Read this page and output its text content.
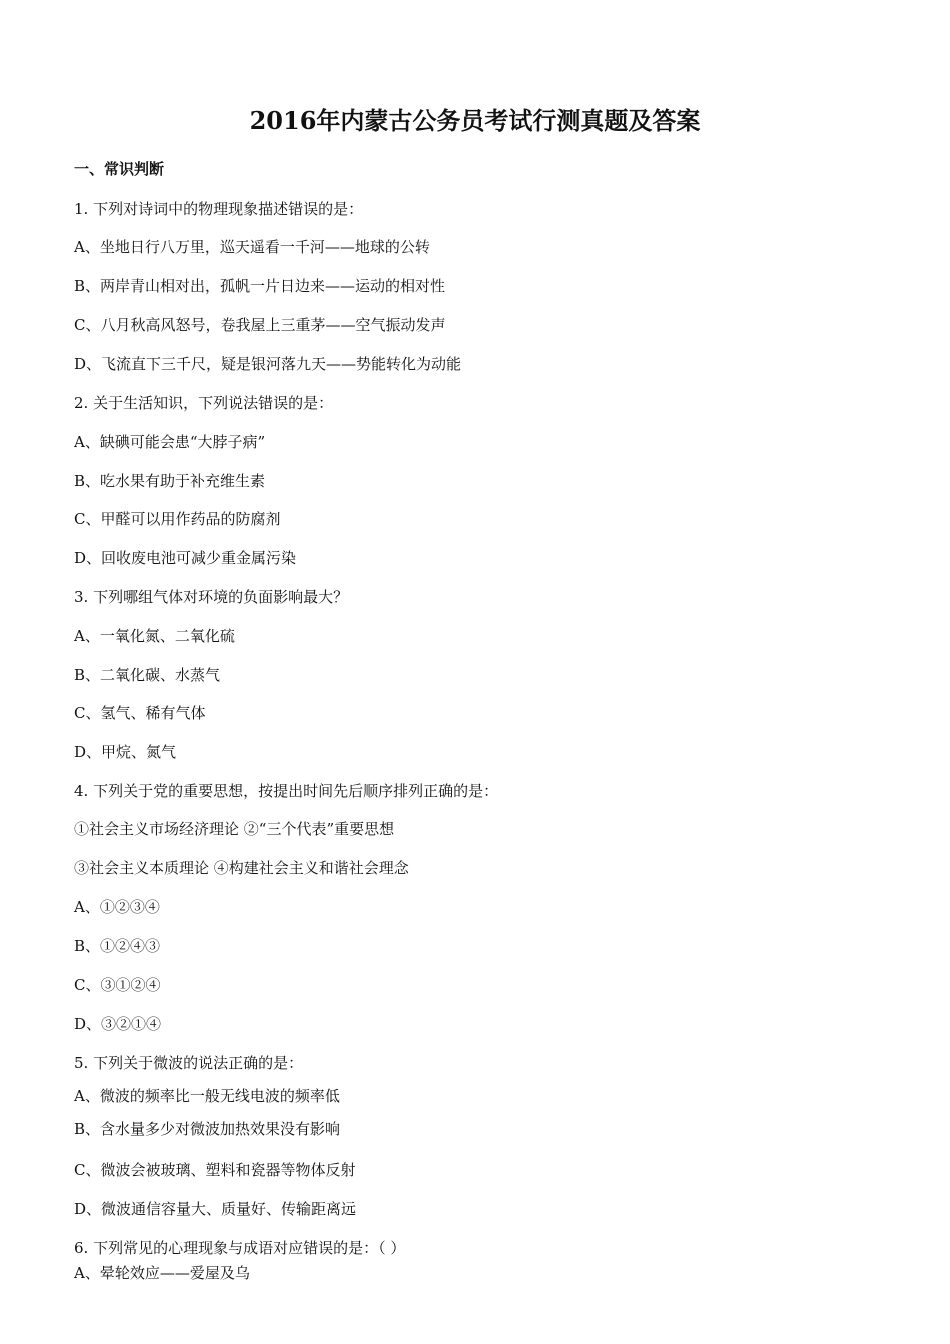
2016年内蒙古公务员考试行测真题及答案
一、常识判断
1. 下列对诗词中的物理现象描述错误的是：
A、坐地日行八万里，巡天遥看一千河——地球的公转
B、两岸青山相对出，孤帆一片日边来——运动的相对性
C、八月秋高风怒号，卷我屋上三重茅——空气振动发声
D、飞流直下三千尺，疑是银河落九天——势能转化为动能
2. 关于生活知识，下列说法错误的是：
A、缺碘可能会患“大脖子病”
B、吃水果有助于补充维生素
C、甲醛可以用作药品的防腐剂
D、回收废电池可减少重金属污染
3. 下列哪组气体对环境的负面影响最大？
A、一氧化氮、二氧化硫
B、二氧化碳、水蒸气
C、氢气、稀有气体
D、甲烷、氮气
4. 下列关于党的重要思想，按提出时间先后顺序排列正确的是：
①社会主义市场经济理论 ②“三个代表”重要思想
③社会主义本质理论 ④构建社会主义和谐社会理念
A、①②③④
B、①②④③
C、③①②④
D、③②①④
5. 下列关于微波的说法正确的是：
A、微波的频率比一般无线电波的频率低
B、含水量多少对微波加热效果没有影响
C、微波会被玻璃、塑料和瓷器等物体反射
D、微波通信容量大、质量好、传输距离远
6. 下列常见的心理现象与成语对应错误的是：（ ）
A、晕轮效应——爱屋及乌
